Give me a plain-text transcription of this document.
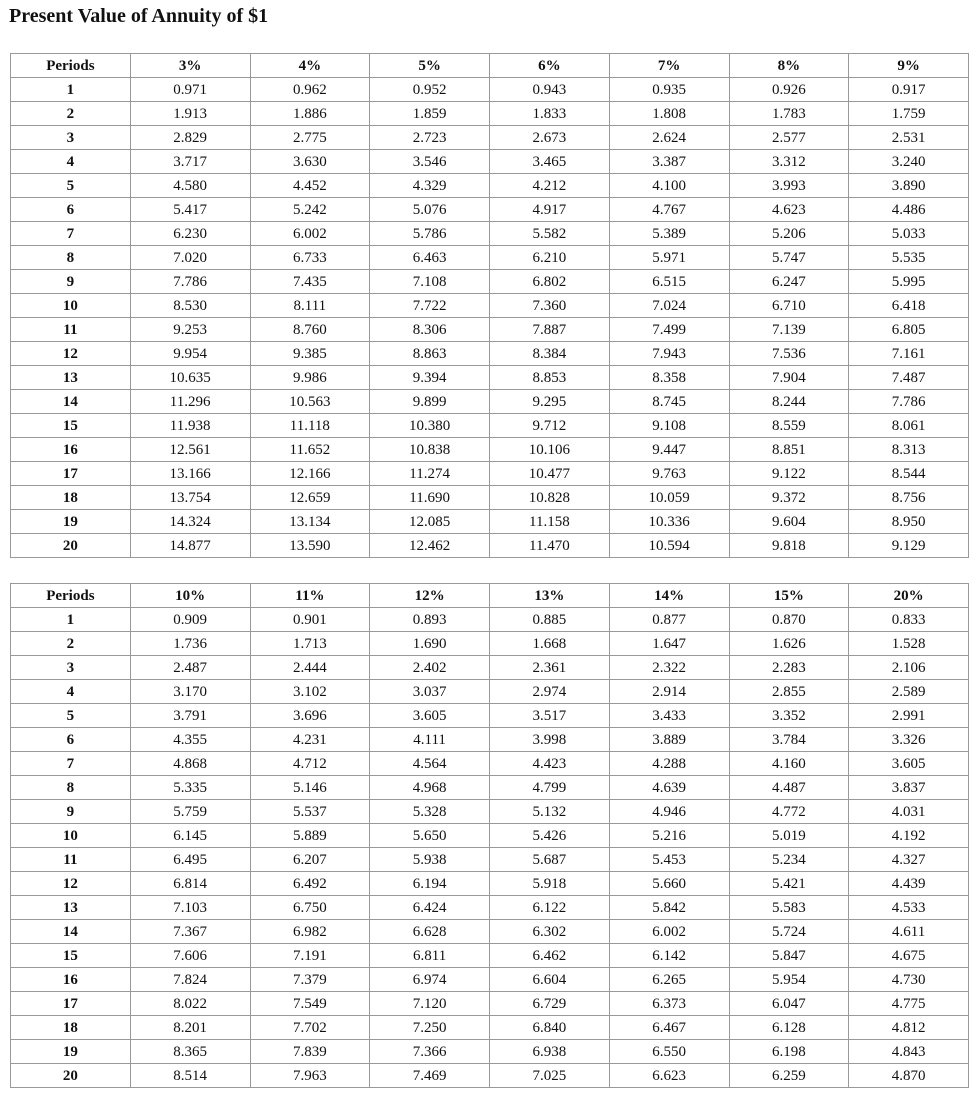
Present Value of Annuity of $1
Periods	3%	4%	5%	6%	7%	8%	9%
1	0.971	0.962	0.952	0.943	0.935	0.926	0.917
2	1.913	1.886	1.859	1.833	1.808	1.783	1.759
3	2.829	2.775	2.723	2.673	2.624	2.577	2.531
4	3.717	3.630	3.546	3.465	3.387	3.312	3.240
5	4.580	4.452	4.329	4.212	4.100	3.993	3.890
6	5.417	5.242	5.076	4.917	4.767	4.623	4.486
7	6.230	6.002	5.786	5.582	5.389	5.206	5.033
8	7.020	6.733	6.463	6.210	5.971	5.747	5.535
9	7.786	7.435	7.108	6.802	6.515	6.247	5.995
10	8.530	8.111	7.722	7.360	7.024	6.710	6.418
11	9.253	8.760	8.306	7.887	7.499	7.139	6.805
12	9.954	9.385	8.863	8.384	7.943	7.536	7.161
13	10.635	9.986	9.394	8.853	8.358	7.904	7.487
14	11.296	10.563	9.899	9.295	8.745	8.244	7.786
15	11.938	11.118	10.380	9.712	9.108	8.559	8.061
16	12.561	11.652	10.838	10.106	9.447	8.851	8.313
17	13.166	12.166	11.274	10.477	9.763	9.122	8.544
18	13.754	12.659	11.690	10.828	10.059	9.372	8.756
19	14.324	13.134	12.085	11.158	10.336	9.604	8.950
20	14.877	13.590	12.462	11.470	10.594	9.818	9.129
Periods	10%	11%	12%	13%	14%	15%	20%
1	0.909	0.901	0.893	0.885	0.877	0.870	0.833
2	1.736	1.713	1.690	1.668	1.647	1.626	1.528
3	2.487	2.444	2.402	2.361	2.322	2.283	2.106
4	3.170	3.102	3.037	2.974	2.914	2.855	2.589
5	3.791	3.696	3.605	3.517	3.433	3.352	2.991
6	4.355	4.231	4.111	3.998	3.889	3.784	3.326
7	4.868	4.712	4.564	4.423	4.288	4.160	3.605
8	5.335	5.146	4.968	4.799	4.639	4.487	3.837
9	5.759	5.537	5.328	5.132	4.946	4.772	4.031
10	6.145	5.889	5.650	5.426	5.216	5.019	4.192
11	6.495	6.207	5.938	5.687	5.453	5.234	4.327
12	6.814	6.492	6.194	5.918	5.660	5.421	4.439
13	7.103	6.750	6.424	6.122	5.842	5.583	4.533
14	7.367	6.982	6.628	6.302	6.002	5.724	4.611
15	7.606	7.191	6.811	6.462	6.142	5.847	4.675
16	7.824	7.379	6.974	6.604	6.265	5.954	4.730
17	8.022	7.549	7.120	6.729	6.373	6.047	4.775
18	8.201	7.702	7.250	6.840	6.467	6.128	4.812
19	8.365	7.839	7.366	6.938	6.550	6.198	4.843
20	8.514	7.963	7.469	7.025	6.623	6.259	4.870
